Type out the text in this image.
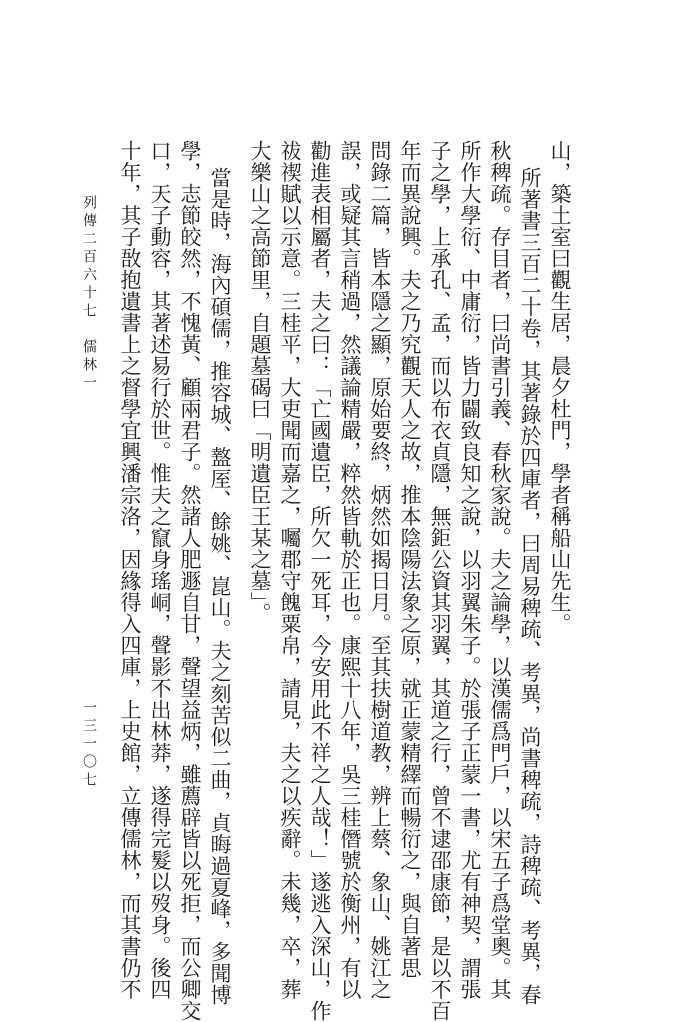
山，築土室曰觀生居，晨夕杜門，學者稱船山先生。
所著書三百二十卷，其著錄於四庫者，曰周易稗疏、考異，尚書稗疏，詩稗疏、考異，春
秋稗疏。存目者，曰尚書引義、春秋家說。夫之論學，以漢儒爲門戶，以宋五子爲堂奧。其
所作大學衍、中庸衍，皆力闢致良知之說，以羽翼朱子。於張子正蒙一書，尤有神契，謂張
子之學，上承孔、孟，而以布衣貞隱，無鉅公資其羽翼，其道之行，曾不逮邵康節，是以不百
年而異說興。夫之乃究觀天人之故，推本陰陽法象之原，就正蒙精繹而暢衍之，與自著思
問錄二篇，皆本隱之顯，原始要終，炳然如揭日月。至其扶樹道教，辨上蔡、象山、姚江之
誤，或疑其言稍過，然議論精嚴，粹然皆軌於正也。康熙十八年，吳三桂僭號於衡州，有以
勸進表相屬者，夫之曰：「亡國遺臣，所欠一死耳，今安用此不祥之人哉！」遂逃入深山，作
祓禊賦以示意。三桂平，大吏聞而嘉之，囑郡守餽粟帛，請見，夫之以疾辭。未幾，卒，葬
大樂山之高節里，自題墓碣曰「明遺臣王某之墓」。
當是時，海內碩儒，推容城、盩厔、餘姚、崑山。夫之刻苦似二曲，貞晦過夏峰，多聞博
學，志節皎然，不愧黃、顧兩君子。然諸人肥遯自甘，聲望益炳，雖薦辟皆以死拒，而公卿交
口，天子動容，其著述易行於世。惟夫之竄身瑤峒，聲影不出林莽，遂得完髮以歿身。後四
十年，其子敔抱遺書上之督學宜興潘宗洛，因緣得入四庫，上史館，立傳儒林，而其書仍不
列傳二百六十七　儒林一
一三一〇七
